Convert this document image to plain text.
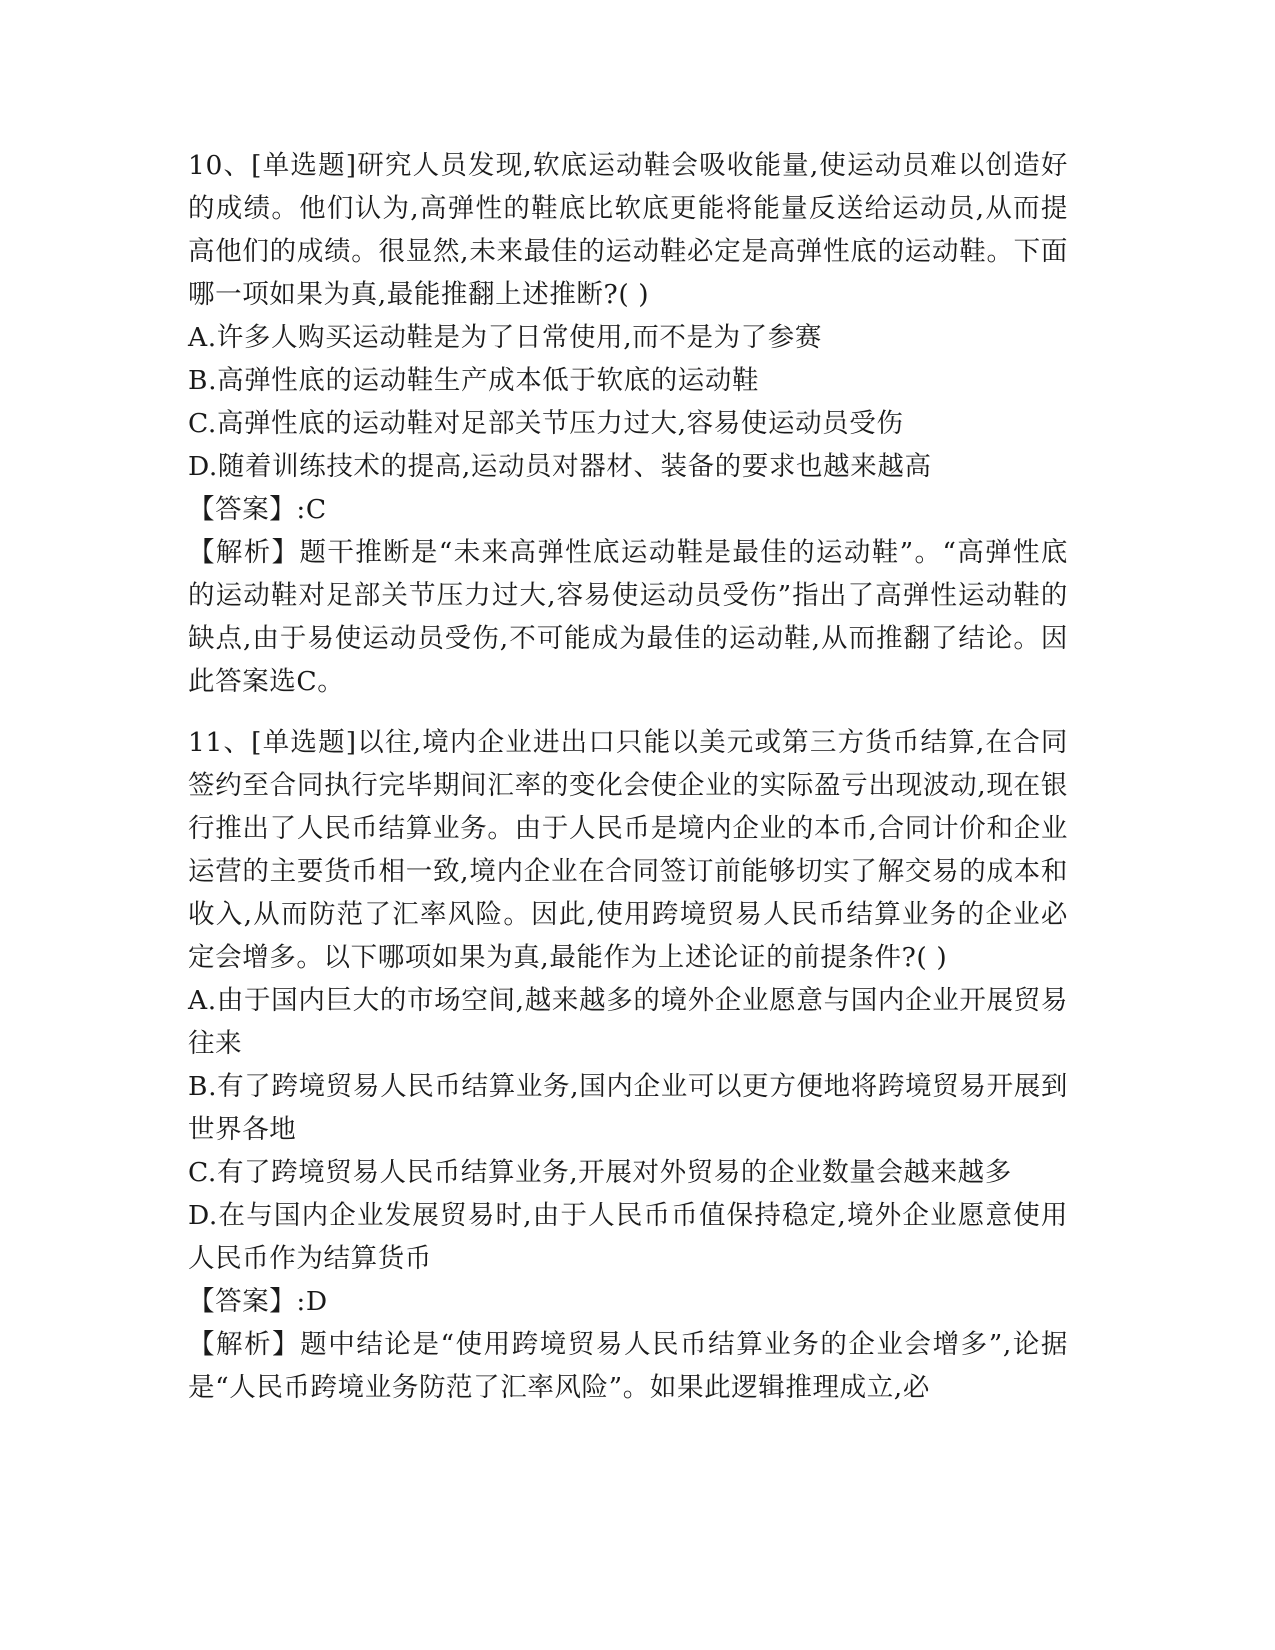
10、[单选题]研究人员发现,软底运动鞋会吸收能量,使运动员难以创造好的成绩。他们认为,高弹性的鞋底比软底更能将能量反送给运动员,从而提高他们的成绩。很显然,未来最佳的运动鞋必定是高弹性底的运动鞋。下面哪一项如果为真,最能推翻上述推断?( )

A.许多人购买运动鞋是为了日常使用,而不是为了参赛

B.高弹性底的运动鞋生产成本低于软底的运动鞋

C.高弹性底的运动鞋对足部关节压力过大,容易使运动员受伤

D.随着训练技术的提高,运动员对器材、装备的要求也越来越高

【答案】:C

【解析】题干推断是“未来高弹性底运动鞋是最佳的运动鞋”。“高弹性底的运动鞋对足部关节压力过大,容易使运动员受伤”指出了高弹性运动鞋的缺点,由于易使运动员受伤,不可能成为最佳的运动鞋,从而推翻了结论。因此答案选C。

11、[单选题]以往,境内企业进出口只能以美元或第三方货币结算,在合同签约至合同执行完毕期间汇率的变化会使企业的实际盈亏出现波动,现在银行推出了人民币结算业务。由于人民币是境内企业的本币,合同计价和企业运营的主要货币相一致,境内企业在合同签订前能够切实了解交易的成本和收入,从而防范了汇率风险。因此,使用跨境贸易人民币结算业务的企业必定会增多。以下哪项如果为真,最能作为上述论证的前提条件?( )

A.由于国内巨大的市场空间,越来越多的境外企业愿意与国内企业开展贸易往来

B.有了跨境贸易人民币结算业务,国内企业可以更方便地将跨境贸易开展到世界各地

C.有了跨境贸易人民币结算业务,开展对外贸易的企业数量会越来越多

D.在与国内企业发展贸易时,由于人民币币值保持稳定,境外企业愿意使用人民币作为结算货币

【答案】:D

【解析】题中结论是“使用跨境贸易人民币结算业务的企业会增多”,论据是“人民币跨境业务防范了汇率风险”。如果此逻辑推理成立,必
